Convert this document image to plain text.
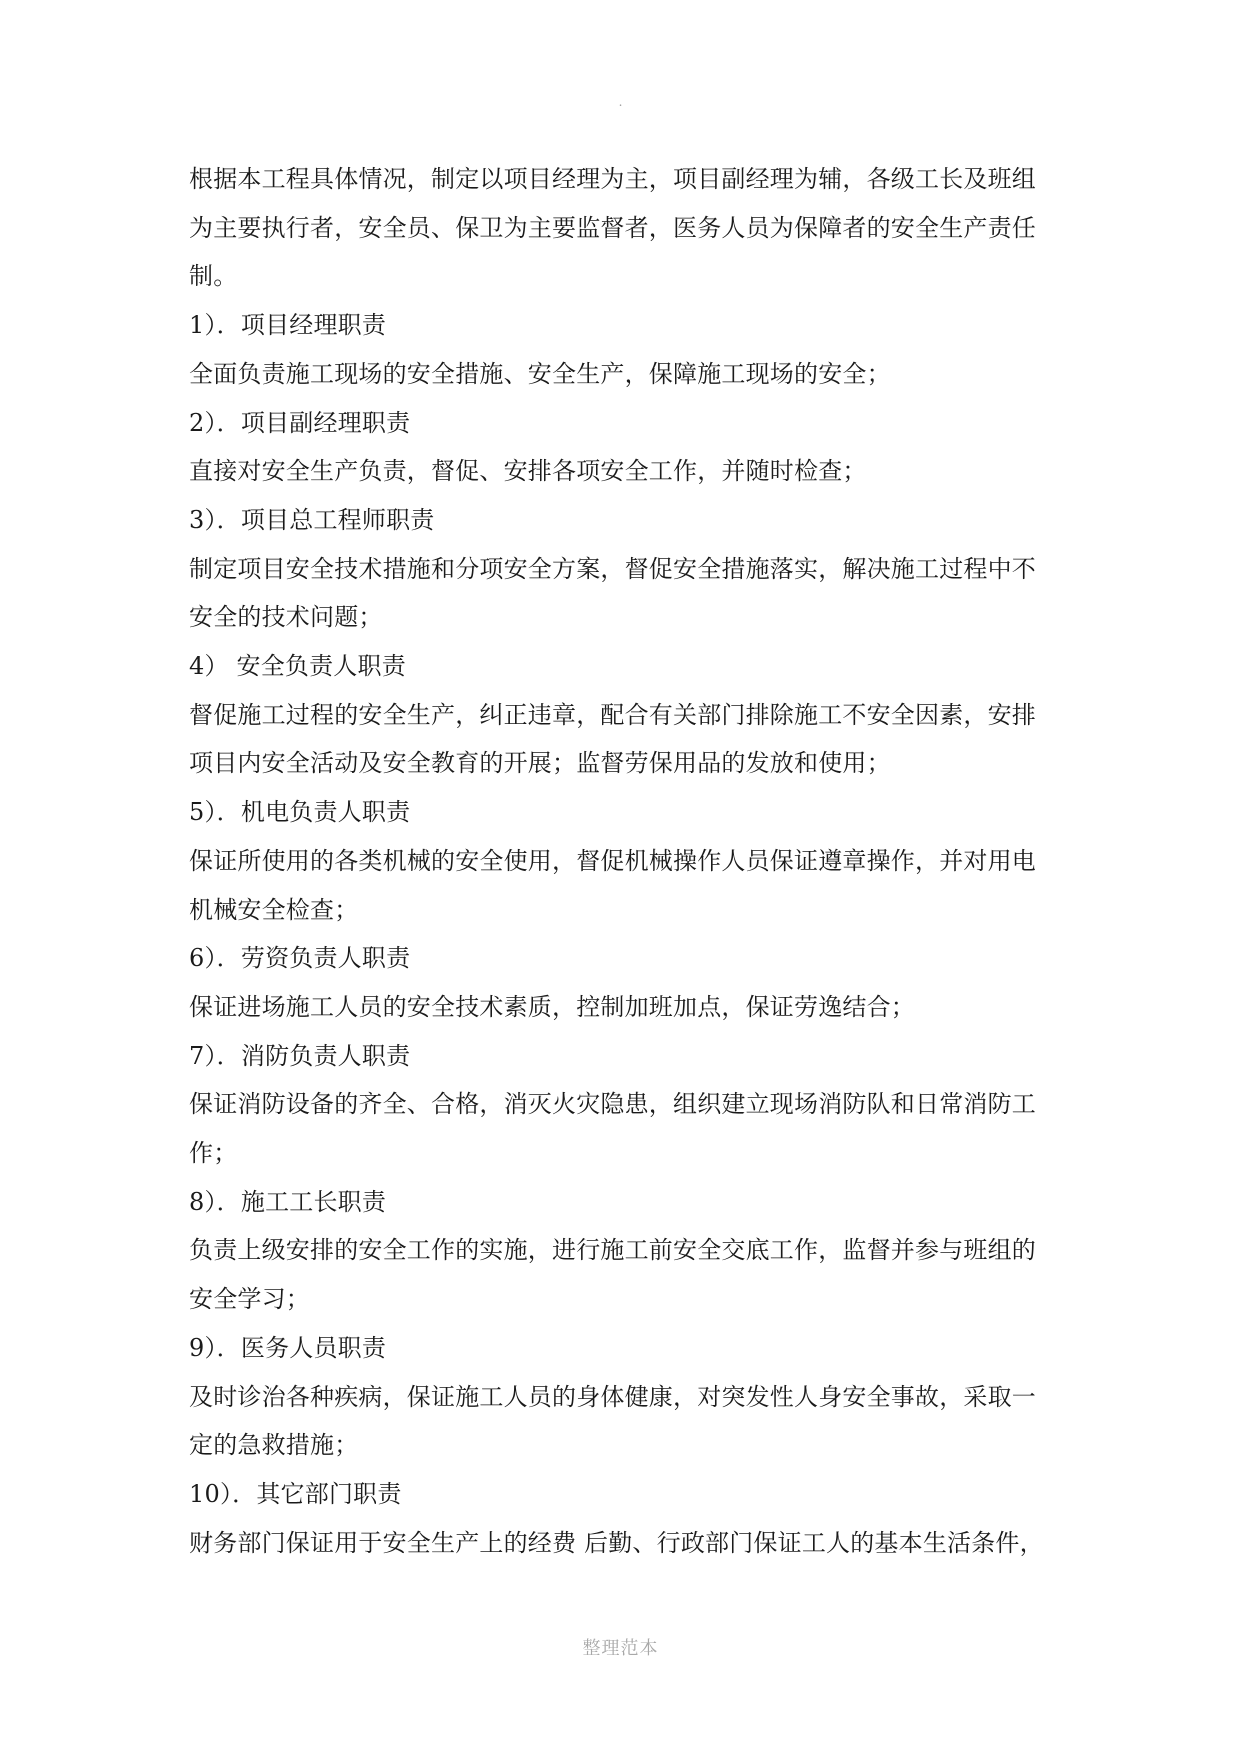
.
根据本工程具体情况，制定以项目经理为主，项目副经理为辅，各级工长及班组
为主要执行者，安全员、保卫为主要监督者，医务人员为保障者的安全生产责任
制。
1）．项目经理职责
全面负责施工现场的安全措施、安全生产，保障施工现场的安全；
2）．项目副经理职责
直接对安全生产负责，督促、安排各项安全工作，并随时检查；
3）．项目总工程师职责
制定项目安全技术措施和分项安全方案，督促安全措施落实，解决施工过程中不
安全的技术问题；
4） 安全负责人职责
督促施工过程的安全生产，纠正违章，配合有关部门排除施工不安全因素，安排
项目内安全活动及安全教育的开展；监督劳保用品的发放和使用；
5）．机电负责人职责
保证所使用的各类机械的安全使用，督促机械操作人员保证遵章操作，并对用电
机械安全检查；
6）．劳资负责人职责
保证进场施工人员的安全技术素质，控制加班加点，保证劳逸结合；
7）．消防负责人职责
保证消防设备的齐全、合格，消灭火灾隐患，组织建立现场消防队和日常消防工
作；
8）．施工工长职责
负责上级安排的安全工作的实施，进行施工前安全交底工作，监督并参与班组的
安全学习；
9）．医务人员职责
及时诊治各种疾病，保证施工人员的身体健康，对突发性人身安全事故，采取一
定的急救措施；
10）．其它部门职责
财务部门保证用于安全生产上的经费 后勤、行政部门保证工人的基本生活条件，
整理范本
